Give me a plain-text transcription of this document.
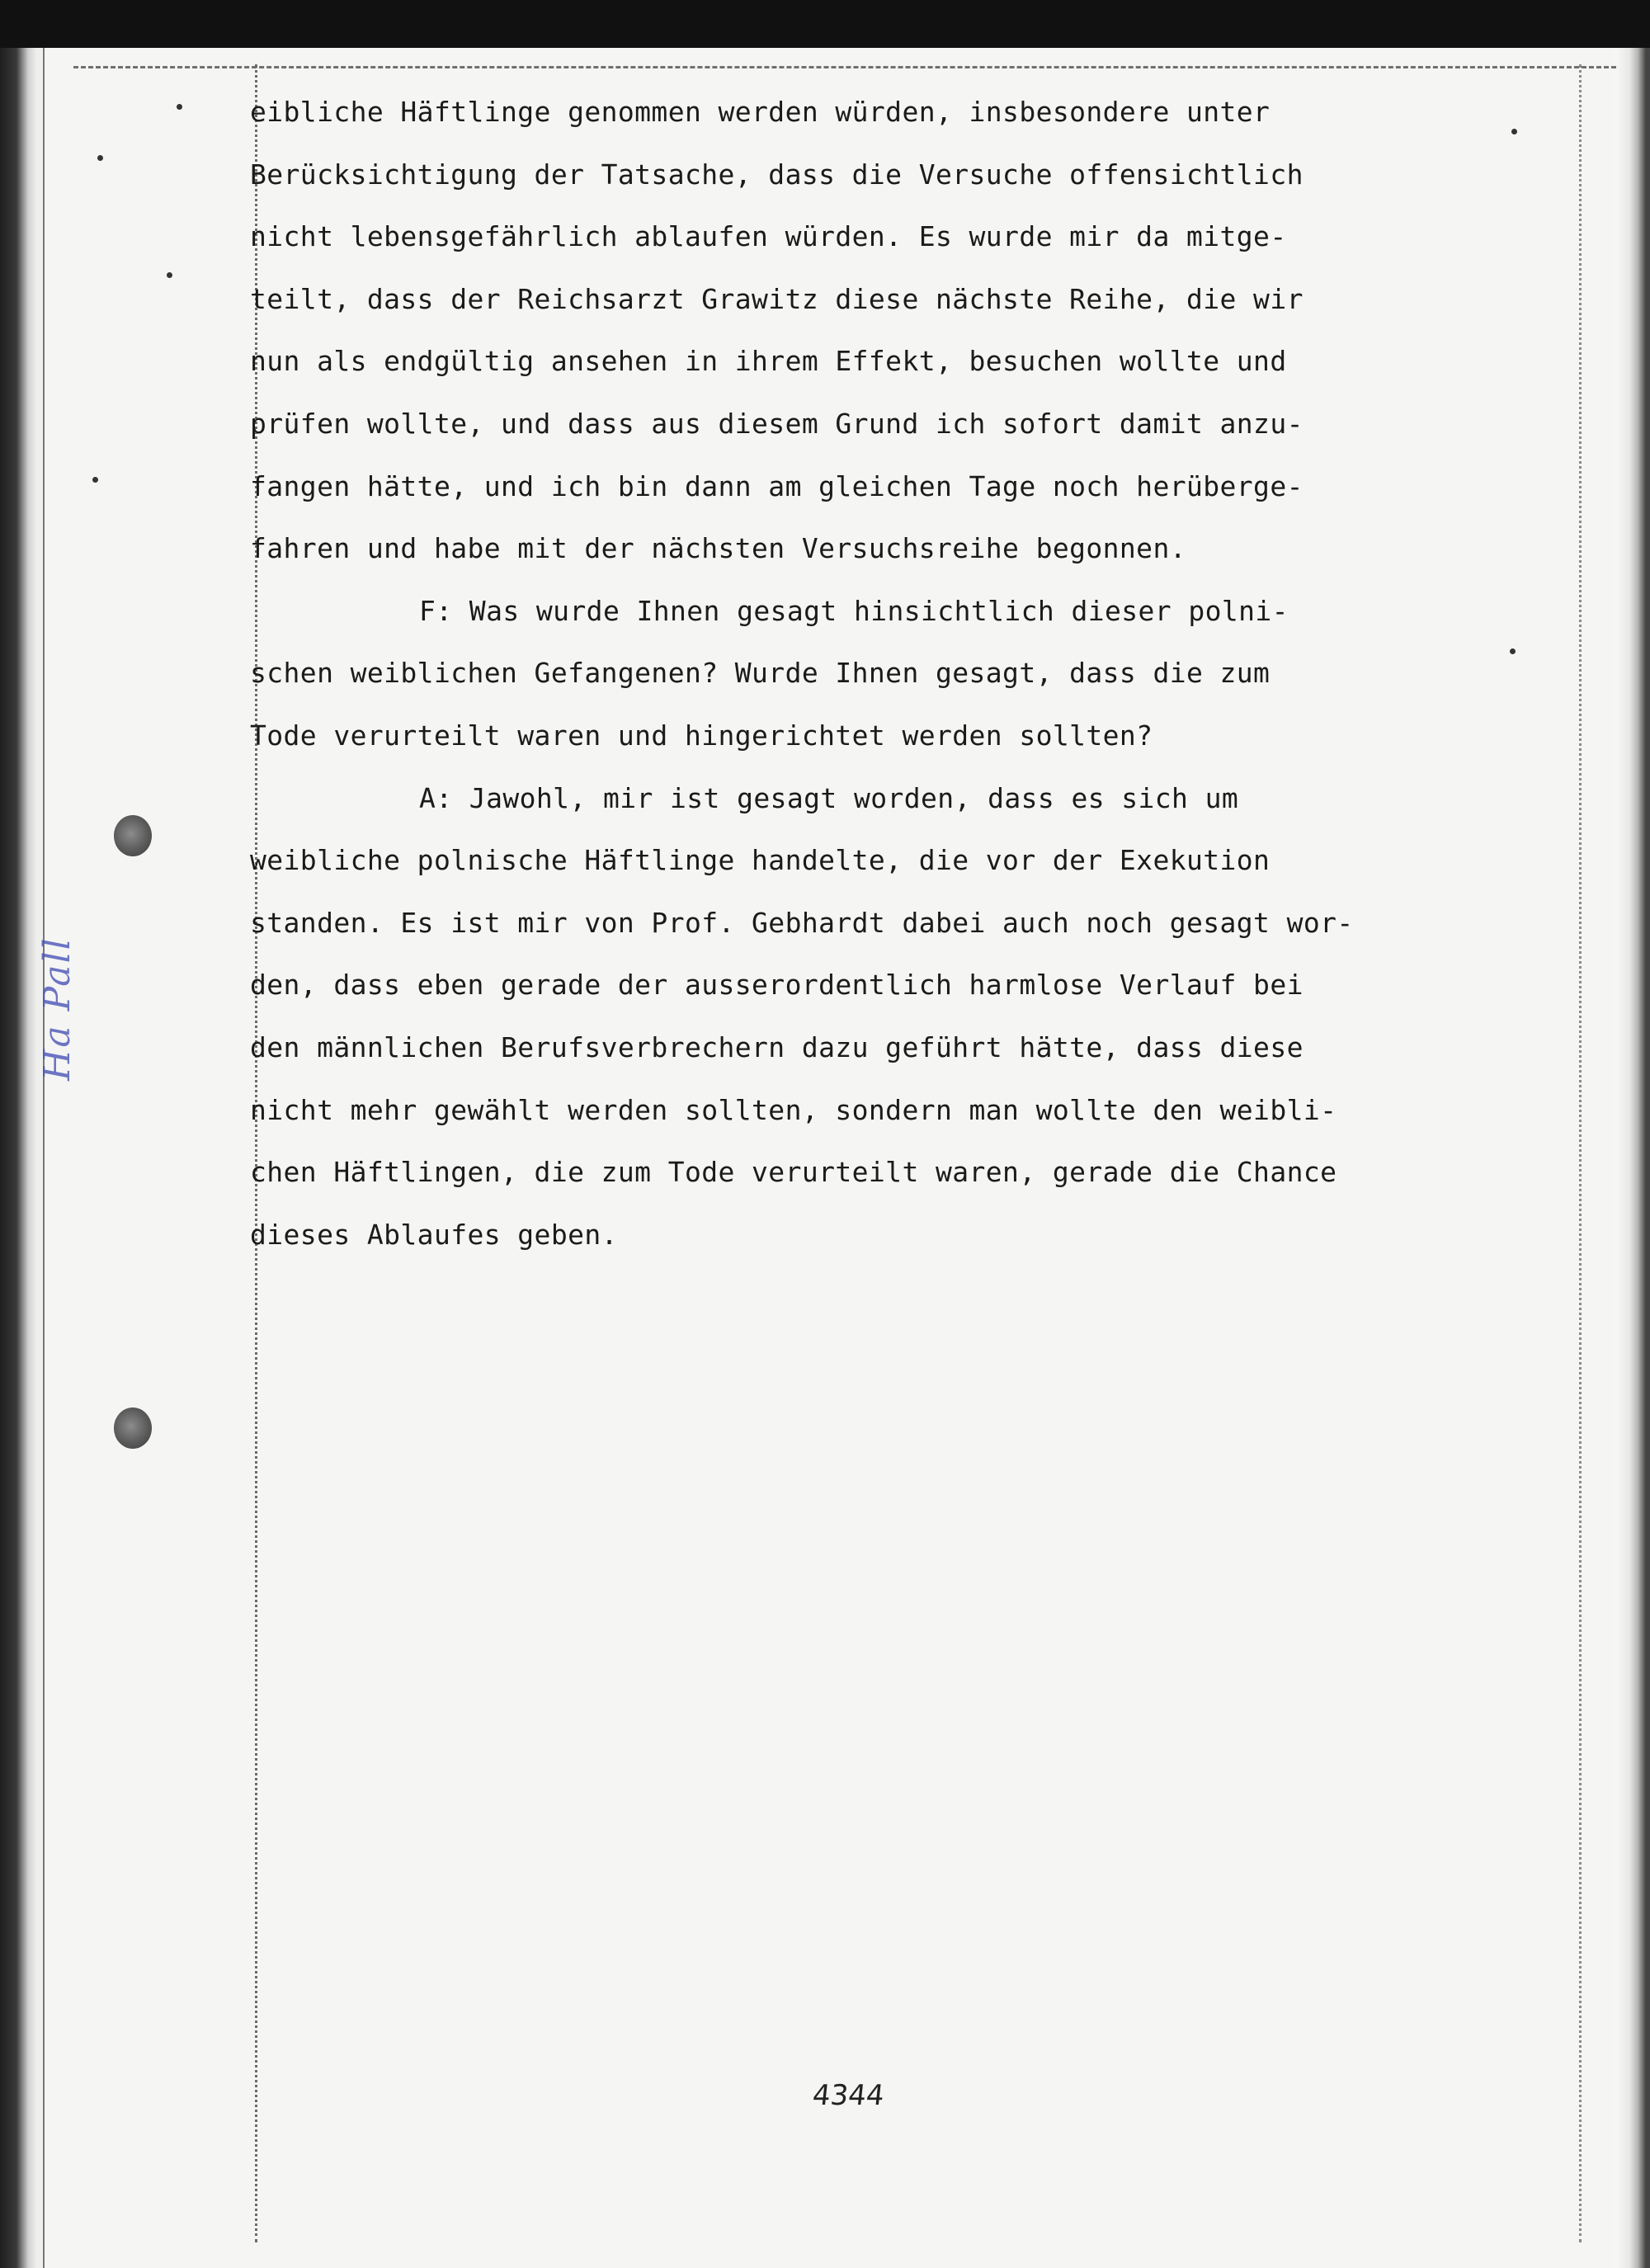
Ha Pall

eibliche Häftlinge genommen werden würden, insbesondere unter
Berücksichtigung der Tatsache, dass die Versuche offensichtlich
nicht lebensgefährlich ablaufen würden. Es wurde mir da mitge-
teilt, dass der Reichsarzt Grawitz diese nächste Reihe, die wir
nun als endgültig ansehen in ihrem Effekt, besuchen wollte und
prüfen wollte, und dass aus diesem Grund ich sofort damit anzu-
fangen hätte, und ich bin dann am gleichen Tage noch herüberge-
fahren und habe mit der nächsten Versuchsreihe begonnen.
F: Was wurde Ihnen gesagt hinsichtlich dieser polni-
schen weiblichen Gefangenen? Wurde Ihnen gesagt, dass die zum
Tode verurteilt waren und hingerichtet werden sollten?
A: Jawohl, mir ist gesagt worden, dass es sich um
weibliche polnische Häftlinge handelte, die vor der Exekution
standen. Es ist mir von Prof. Gebhardt dabei auch noch gesagt wor-
den, dass eben gerade der ausserordentlich harmlose Verlauf bei
den männlichen Berufsverbrechern dazu geführt hätte, dass diese
nicht mehr gewählt werden sollten, sondern man wollte den weibli-
chen Häftlingen, die zum Tode verurteilt waren, gerade die Chance
dieses Ablaufes geben.
4344
